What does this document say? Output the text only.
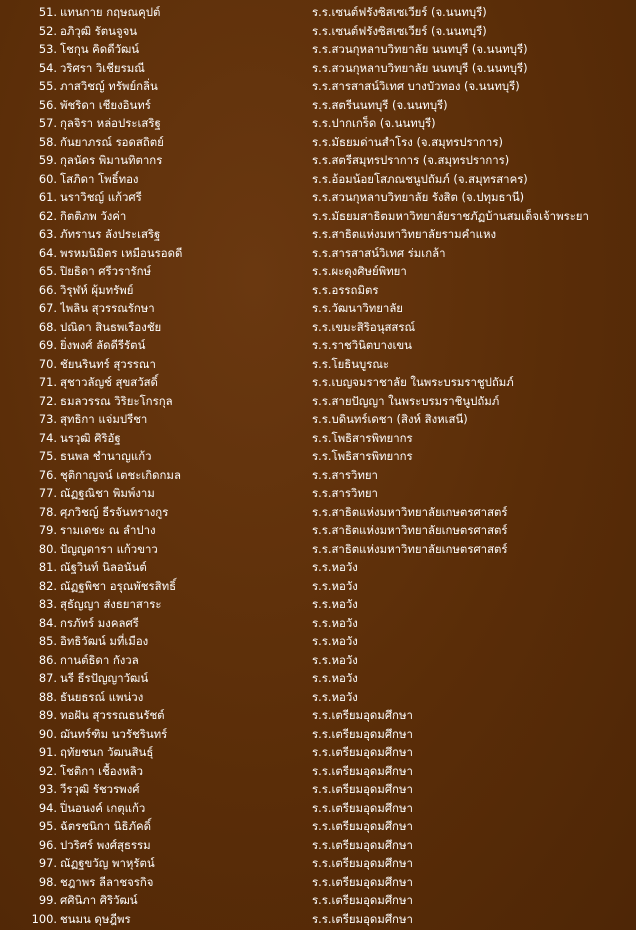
51. แทนกาย กฤษณคุปต์	ร.ร.เซนต์ฟรังซิสเซเวียร์ (จ.นนทบุรี)
52. อภิวุฒิ รัตนจูจน	ร.ร.เซนต์ฟรังซิสเซเวียร์ (จ.นนทบุรี)
53. โชกุน คิดดีวัฒน์	ร.ร.สวนกุหลาบวิทยาลัย นนทบุรี (จ.นนทบุรี)
54. วริศรา วิเชียรมณี	ร.ร.สวนกุหลาบวิทยาลัย นนทบุรี (จ.นนทบุรี)
55. ภาสวิชญ์ ทรัพย์กลิ่น	ร.ร.สารสาสน์วิเทศ บางบัวทอง (จ.นนทบุรี)
56. พัชริดา เชียงอินทร์	ร.ร.สตรีนนทบุรี (จ.นนทบุรี)
57. กุลจิรา หล่อประเสริฐ	ร.ร.ปากเกร็ด (จ.นนทบุรี)
58. กันยาภรณ์ รอดสถิตย์	ร.ร.มัธยมด่านสำโรง (จ.สมุทรปราการ)
59. กุลนัดร พิมานทิตากร	ร.ร.สตรีสมุทรปราการ (จ.สมุทรปราการ)
60. โสภิดา โพธิ์ทอง	ร.ร.อ้อมน้อยโสภณชนูปถัมภ์ (จ.สมุทรสาคร)
61. นราวิชญ์ แก้วศรี	ร.ร.สวนกุหลาบวิทยาลัย รังสิต (จ.ปทุมธานี)
62. กิตติภพ วังค่า	ร.ร.มัธยมสาธิตมหาวิทยาลัยราชภัฏบ้านสมเด็จเจ้าพระยา
63. ภัทรานร ลังประเสริฐ	ร.ร.สาธิตแห่งมหาวิทยาลัยรามคำแหง
64. พรหมนิมิตร เหมือนรอดดี	ร.ร.สารสาสน์วิเทศ ร่มเกล้า
65. ปิยธิดา ศรีวรารักษ์	ร.ร.ผะดุงศิษย์พิทยา
66. วิรุฬห์ ผุ้มทรัพย์	ร.ร.อรรถมิตร
67. ไพลิน สุวรรณรักษา	ร.ร.วัฒนาวิทยาลัย
68. ปณิดา สินธพเรืองชัย	ร.ร.เขมะสิริอนุสสรณ์
69. ยิ่งพงศ์ ลัดดีรีรัตน์	ร.ร.ราชวินิตบางเขน
70. ชัยนรินทร์ สุวรรณา	ร.ร.โยธินบูรณะ
71. สุชาวลัญช์ สุขสวัสดิ์	ร.ร.เบญจมราชาลัย ในพระบรมราชูปถัมภ์
72. ธมลวรรณ วิริยะโกรกุล	ร.ร.สายปัญญา ในพระบรมราชินูปถัมภ์
73. สุทธิกา แจ่มปรีชา	ร.ร.บดินทร์เดชา (สิงห์ สิงหเสนี)
74. นรวุฒิ ศิริอัฐ	ร.ร.โพธิสารพิทยากร
75. ธนพล ชำนาญแก้ว	ร.ร.โพธิสารพิทยากร
76. ชุติกาญจน์ เตชะเกิดกมล	ร.ร.สารวิทยา
77. ณัฏฐณิชา พิมพ์งาม	ร.ร.สารวิทยา
78. ศุภวิชญ์ ธีรจันทรางกูร	ร.ร.สาธิตแห่งมหาวิทยาลัยเกษตรศาสตร์
79. รามเดชะ ณ ลำปาง	ร.ร.สาธิตแห่งมหาวิทยาลัยเกษตรศาสตร์
80. ปัญญดารา แก้วขาว	ร.ร.สาธิตแห่งมหาวิทยาลัยเกษตรศาสตร์
81. ณัฐวินท์ นิลอนันต์	ร.ร.หอวัง
82. ณัฏฐพิชา อรุณพัชรสิทธิ์	ร.ร.หอวัง
83. สุธัญญา ส่งธยาสาระ	ร.ร.หอวัง
84. กรภัทร์ มงคลศรี	ร.ร.หอวัง
85. อิทธิวัฒน์ มที่เมือง	ร.ร.หอวัง
86. กานต์ธิดา กังวล	ร.ร.หอวัง
87. นรี ธีรปัญญาวัฒน์	ร.ร.หอวัง
88. ธันยธรณ์ แพน่วง	ร.ร.หอวัง
89. ทอฝัน สุวรรณธนรัชต์	ร.ร.เตรียมอุดมศึกษา
90. ฌันทร์ฑิม นวรัชรินทร์	ร.ร.เตรียมอุดมศึกษา
91. ฤทัยชนก วัฒนสินธุ์	ร.ร.เตรียมอุดมศึกษา
92. โชติกา เชื้องหลิว	ร.ร.เตรียมอุดมศึกษา
93. วีรวุฒิ รัชวรพงศ์	ร.ร.เตรียมอุดมศึกษา
94. ปิ่นอนงค์ เกตุแก้ว	ร.ร.เตรียมอุดมศึกษา
95. ฉัตรชนิกา นิธิภัคดิ์	ร.ร.เตรียมอุดมศึกษา
96. ปวริศร์ พงศ์สุธรรม	ร.ร.เตรียมอุดมศึกษา
97. ณัฏฐขวัญ พาหุรัตน์	ร.ร.เตรียมอุดมศึกษา
98. ชฎาพร ลีลาชจรกิจ	ร.ร.เตรียมอุดมศึกษา
99. ศศินิภา ศิริวัฒน์	ร.ร.เตรียมอุดมศึกษา
100. ชนมน ดุษฎีพร	ร.ร.เตรียมอุดมศึกษา
